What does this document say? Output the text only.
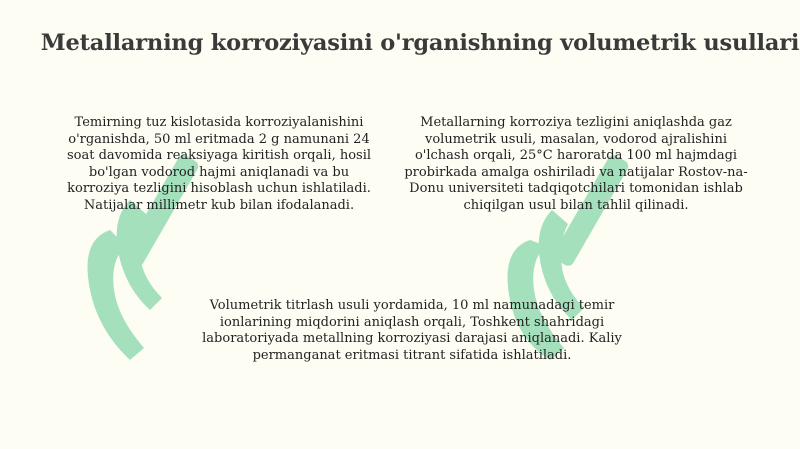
Metallarning korroziyasini o'rganishning volumetrik usullari

Temirning tuz kislotasida korroziyalanishini o'rganishda, 50 ml eritmada 2 g namunani 24 soat davomida reaksiyaga kiritish orqali, hosil bo'lgan vodorod hajmi aniqlanadi va bu korroziya tezligini hisoblash uchun ishlatiladi. Natijalar millimetr kub bilan ifodalanadi.

Metallarning korroziya tezligini aniqlashda gaz volumetrik usuli, masalan, vodorod ajralishini o'lchash orqali, 25°C haroratda 100 ml hajmdagi probirkada amalga oshiriladi va natijalar Rostov-na-Donu universiteti tadqiqotchilari tomonidan ishlab chiqilgan usul bilan tahlil qilinadi.

Volumetrik titrlash usuli yordamida, 10 ml namunadagi temir ionlarining miqdorini aniqlash orqali, Toshkent shahridagi laboratoriyada metallning korroziyasi darajasi aniqlanadi. Kaliy permanganat eritmasi titrant sifatida ishlatiladi.
